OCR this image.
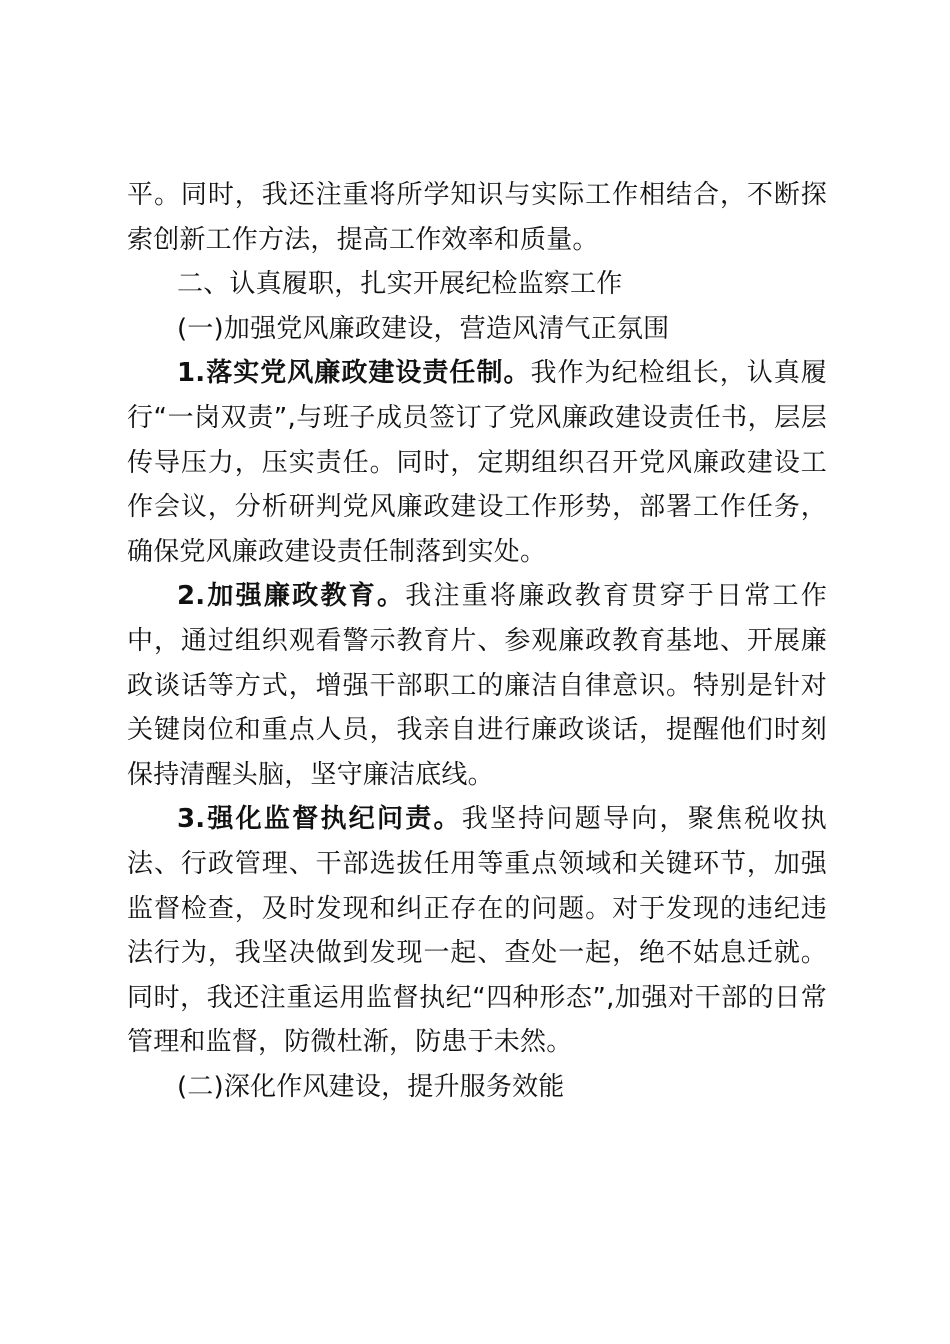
平。同时，我还注重将所学知识与实际工作相结合，不断探索创新工作方法，提高工作效率和质量。

二、认真履职，扎实开展纪检监察工作

(一)加强党风廉政建设，营造风清气正氛围

1.落实党风廉政建设责任制。我作为纪检组长，认真履行“一岗双责”,与班子成员签订了党风廉政建设责任书，层层传导压力，压实责任。同时，定期组织召开党风廉政建设工作会议，分析研判党风廉政建设工作形势，部署工作任务，确保党风廉政建设责任制落到实处。

2.加强廉政教育。我注重将廉政教育贯穿于日常工作中，通过组织观看警示教育片、参观廉政教育基地、开展廉政谈话等方式，增强干部职工的廉洁自律意识。特别是针对关键岗位和重点人员，我亲自进行廉政谈话，提醒他们时刻保持清醒头脑，坚守廉洁底线。

3.强化监督执纪问责。我坚持问题导向，聚焦税收执法、行政管理、干部选拔任用等重点领域和关键环节，加强监督检查，及时发现和纠正存在的问题。对于发现的违纪违法行为，我坚决做到发现一起、查处一起，绝不姑息迁就。同时，我还注重运用监督执纪“四种形态”,加强对干部的日常管理和监督，防微杜渐，防患于未然。

(二)深化作风建设，提升服务效能
